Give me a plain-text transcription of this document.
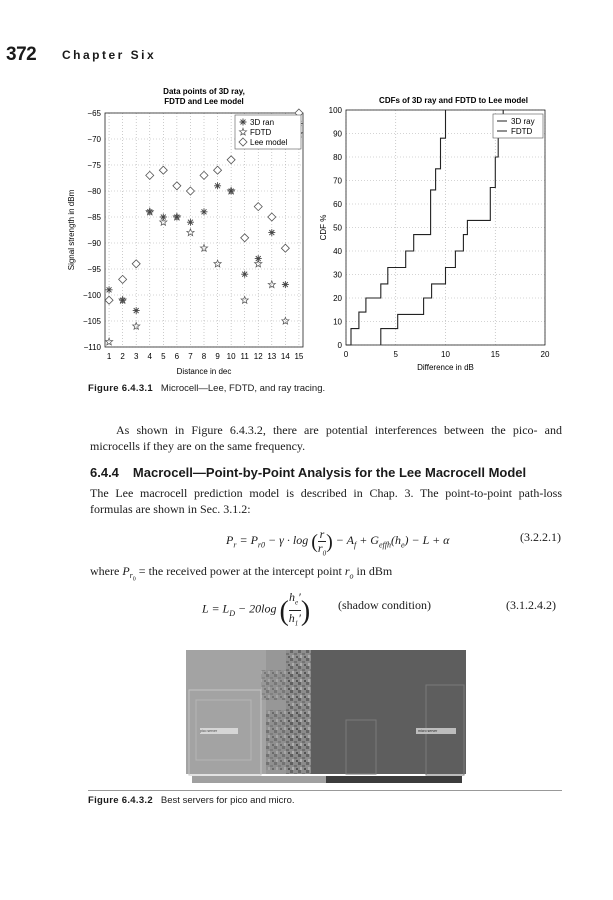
372 Chapter Six
Data points of 3D ray,
FDTD and Lee model
1 2 3 4 5 6 7 8 9 10 11 12 13 14 15
−65
−70
−75
−80
−85
−90
−95
−100
−105
−110
Distance in dec
Signal strength in dBm
3D ran
FDTD
Lee model
CDFs of 3D ray and FDTD to Lee model
0	5	10	15	20
0
10
20
30
40
50
60
70
80
90
100
Difference in dB
CDF %
3D ray
FDTD
Figure 6.4.3.1 Microcell—Lee, FDTD, and ray tracing.
As shown in Figure 6.4.3.2, there are potential interferences between the pico- and microcells if they are on the same frequency.
6.4.4 Macrocell—Point-by-Point Analysis for the Lee Macrocell Model
The Lee macrocell prediction model is described in Chap. 3. The point-to-point path-loss formulas are shown in Sec. 3.1.2:
$P_r = P_{r0} - \gamma \cdot \log$ ( $\frac{r}{r_0}$ ) − $A_f + G_{effh}(h_e) - L + \alpha$	(3.2.2.1)
where $P_{r_0}$ = the received power at the intercept point $r_o$ in dBm
$L = L_D - 20\log$ ( $\frac{h_e'}{h_1'}$ ) (shadow condition)	(3.1.2.4.2)
pico server	micro server
Figure 6.4.3.2 Best servers for pico and micro.
